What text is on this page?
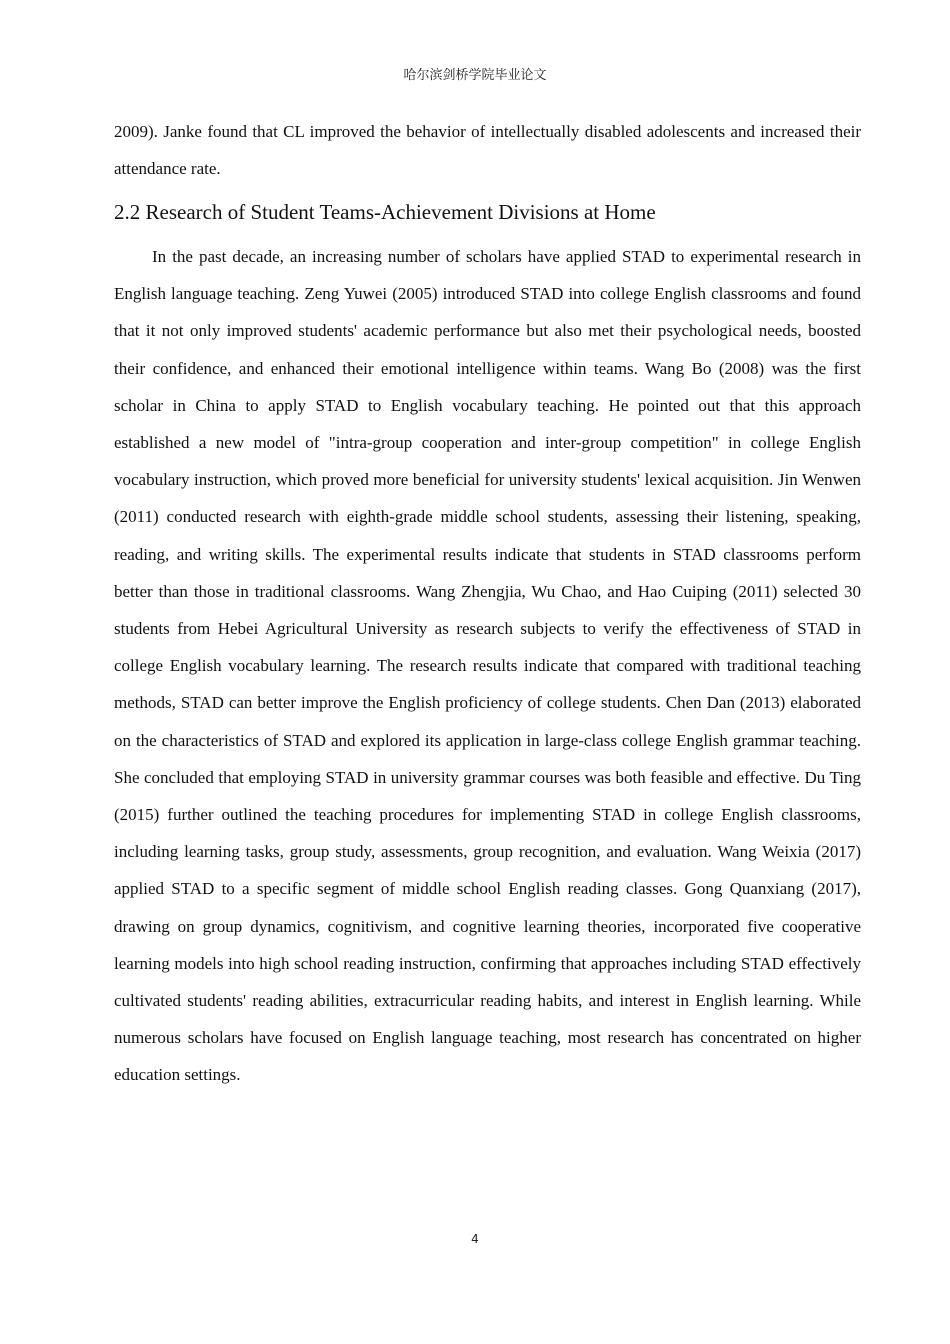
哈尔滨剑桥学院毕业论文

2009). Janke found that CL improved the behavior of intellectually disabled adolescents and increased their attendance rate.

2.2 Research of Student Teams-Achievement Divisions at Home

In the past decade, an increasing number of scholars have applied STAD to experimental research in English language teaching. Zeng Yuwei (2005) introduced STAD into college English classrooms and found that it not only improved students' academic performance but also met their psychological needs, boosted their confidence, and enhanced their emotional intelligence within teams. Wang Bo (2008) was the first scholar in China to apply STAD to English vocabulary teaching. He pointed out that this approach established a new model of "intra-group cooperation and inter-group competition" in college English vocabulary instruction, which proved more beneficial for university students' lexical acquisition. Jin Wenwen (2011) conducted research with eighth-grade middle school students, assessing their listening, speaking, reading, and writing skills. The experimental results indicate that students in STAD classrooms perform better than those in traditional classrooms. Wang Zhengjia, Wu Chao, and Hao Cuiping (2011) selected 30 students from Hebei Agricultural University as research subjects to verify the effectiveness of STAD in college English vocabulary learning. The research results indicate that compared with traditional teaching methods, STAD can better improve the English proficiency of college students. Chen Dan (2013) elaborated on the characteristics of STAD and explored its application in large-class college English grammar teaching. She concluded that employing STAD in university grammar courses was both feasible and effective. Du Ting (2015) further outlined the teaching procedures for implementing STAD in college English classrooms, including learning tasks, group study, assessments, group recognition, and evaluation. Wang Weixia (2017) applied STAD to a specific segment of middle school English reading classes. Gong Quanxiang (2017), drawing on group dynamics, cognitivism, and cognitive learning theories, incorporated five cooperative learning models into high school reading instruction, confirming that approaches including STAD effectively cultivated students' reading abilities, extracurricular reading habits, and interest in English learning. While numerous scholars have focused on English language teaching, most research has concentrated on higher education settings.

4
